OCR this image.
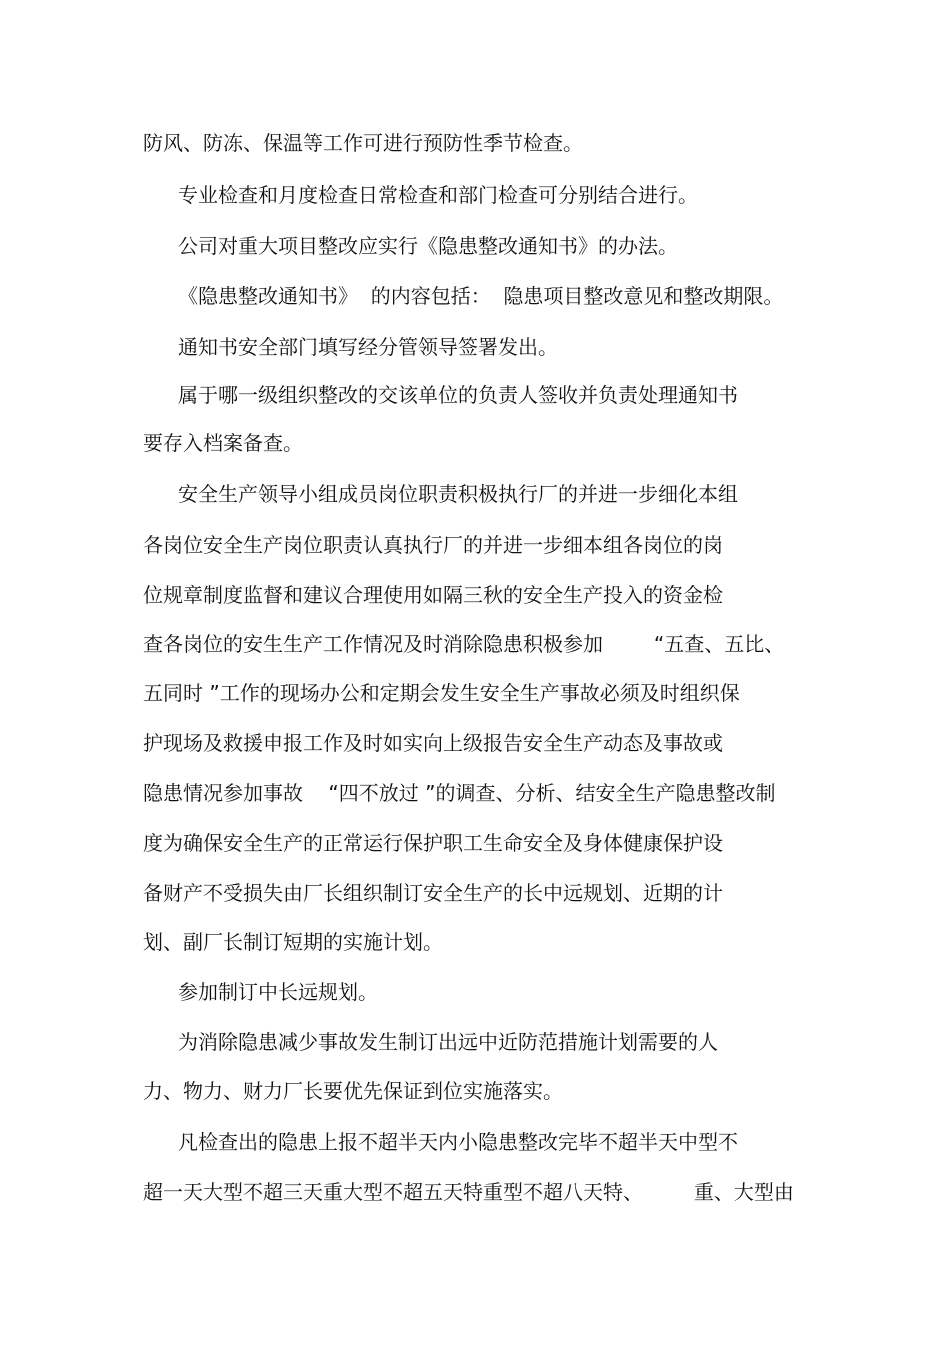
防风、防冻、保温等工作可进行预防性季节检查。
专业检查和月度检查日常检查和部门检查可分别结合进行。
公司对重大项目整改应实行《隐患整改通知书》的办法。
《隐患整改通知书》  的内容包括：  隐患项目整改意见和整改期限。
通知书安全部门填写经分管领导签署发出。
属于哪一级组织整改的交该单位的负责人签收并负责处理通知书
要存入档案备查。
安全生产领导小组成员岗位职责积极执行厂的并进一步细化本组
各岗位安全生产岗位职责认真执行厂的并进一步细本组各岗位的岗
位规章制度监督和建议合理使用如隔三秋的安全生产投入的资金检
查各岗位的安生生产工作情况及时消除隐患积极参加        “五查、五比、
五同时 ”工作的现场办公和定期会发生安全生产事故必须及时组织保
护现场及救援申报工作及时如实向上级报告安全生产动态及事故或
隐患情况参加事故    “四不放过 ”的调查、分析、结安全生产隐患整改制
度为确保安全生产的正常运行保护职工生命安全及身体健康保护设
备财产不受损失由厂长组织制订安全生产的长中远规划、近期的计
划、副厂长制订短期的实施计划。
参加制订中长远规划。
为消除隐患减少事故发生制订出远中近防范措施计划需要的人
力、物力、财力厂长要优先保证到位实施落实。
凡检查出的隐患上报不超半天内小隐患整改完毕不超半天中型不
超一天大型不超三天重大型不超五天特重型不超八天特、        重、大型由
